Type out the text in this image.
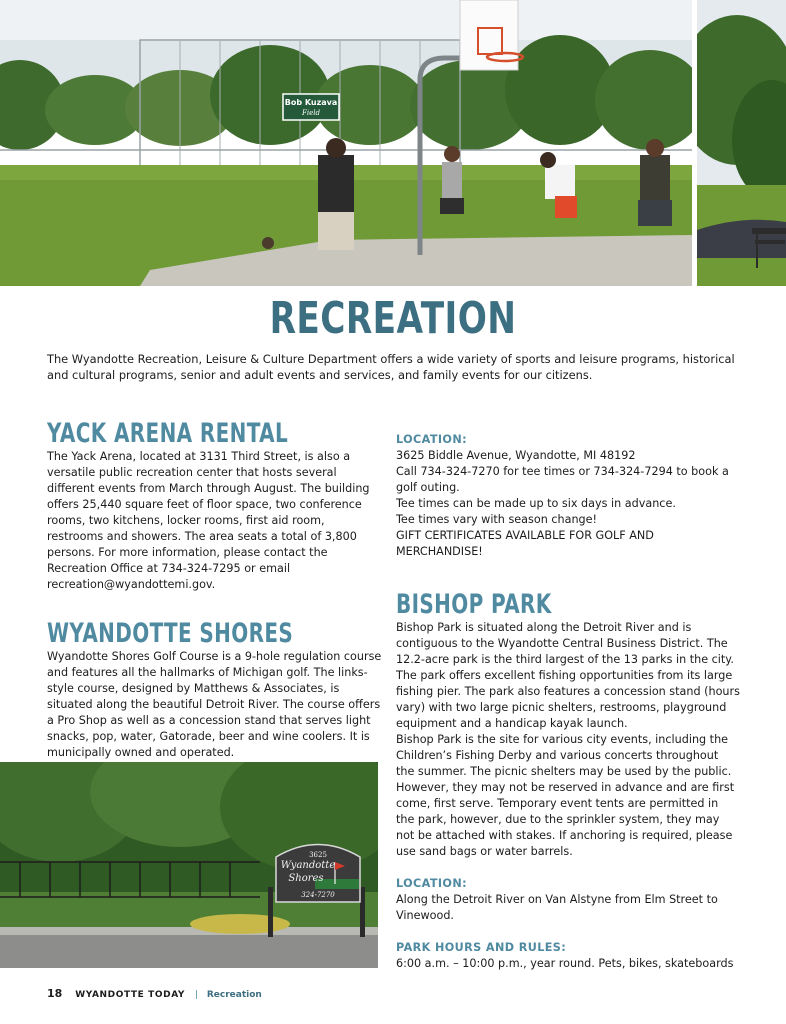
Bob Kuzava
Field
RECREATION

The Wyandotte Recreation, Leisure & Culture Department offers a wide variety of sports and leisure programs, historical and cultural programs, senior and adult events and services, and family events for our citizens.

YACK ARENA RENTAL

The Yack Arena, located at 3131 Third Street, is also a versatile public recreation center that hosts several different events from March through August. The building offers 25,440 square feet of floor space, two conference rooms, two kitchens, locker rooms, first aid room, restrooms and showers. The area seats a total of 3,800 persons. For more information, please contact the Recreation Office at 734-324-7295 or email recreation@wyandottemi.gov.

WYANDOTTE SHORES

Wyandotte Shores Golf Course is a 9-hole regulation course and features all the hallmarks of Michigan golf. The links-style course, designed by Matthews & Associates, is situated along the beautiful Detroit River. The course offers a Pro Shop as well as a concession stand that serves light snacks, pop, water, Gatorade, beer and wine coolers. It is municipally owned and operated.

3625
Wyandotte
Shores
324-7270

LOCATION:

3625 Biddle Avenue, Wyandotte, MI 48192

Call 734-324-7270 for tee times or 734-324-7294 to book a golf outing.

Tee times can be made up to six days in advance.

Tee times vary with season change!

GIFT CERTIFICATES AVAILABLE FOR GOLF AND MERCHANDISE!

BISHOP PARK

Bishop Park is situated along the Detroit River and is contiguous to the Wyandotte Central Business District. The 12.2-acre park is the third largest of the 13 parks in the city. The park offers excellent fishing opportunities from its large fishing pier. The park also features a concession stand (hours vary) with two large picnic shelters, restrooms, playground equipment and a handicap kayak launch.

Bishop Park is the site for various city events, including the Children’s Fishing Derby and various concerts throughout the summer. The picnic shelters may be used by the public. However, they may not be reserved in advance and are first come, first serve. Temporary event tents are permitted in the park, however, due to the sprinkler system, they may not be attached with stakes. If anchoring is required, please use sand bags or water barrels.

LOCATION:

Along the Detroit River on Van Alstyne from Elm Street to Vinewood.

PARK HOURS AND RULES:

6:00 a.m. – 10:00 p.m., year round. Pets, bikes, skateboards

18 WYANDOTTE TODAY | Recreation
